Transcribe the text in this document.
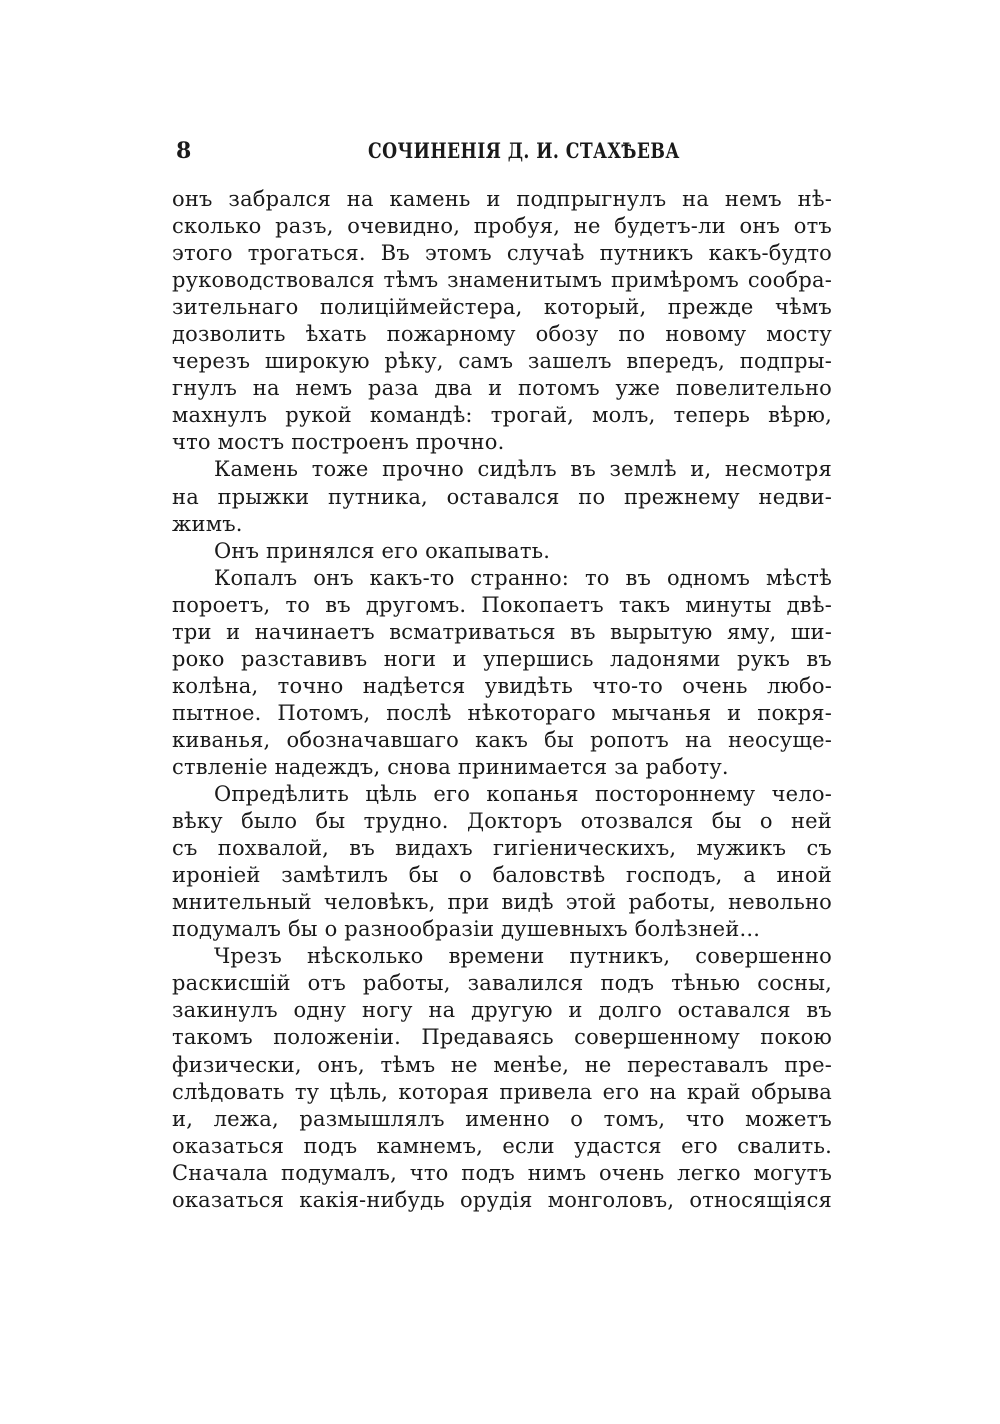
8	СОЧИНЕНІЯ Д. И. СТАХѢЕВА
онъ забрался на камень и подпрыгнулъ на немъ нѣ-
сколько разъ, очевидно, пробуя, не будетъ-ли онъ отъ
этого трогаться. Въ этомъ случаѣ путникъ какъ-будто
руководствовался тѣмъ знаменитымъ примѣромъ сообра-
зительнаго полицiймейстера, который, прежде чѣмъ
дозволить ѣхать пожарному обозу по новому мосту
черезъ широкую рѣку, самъ зашелъ впередъ, подпры-
гнулъ на немъ раза два и потомъ уже повелительно
махнулъ рукой командѣ: трогай, молъ, теперь вѣрю,
что мостъ построенъ прочно.
Камень тоже прочно сидѣлъ въ землѣ и, несмотря
на прыжки путника, оставался по прежнему недви-
жимъ.
Онъ принялся его окапывать.
Копалъ онъ какъ-то странно: то въ одномъ мѣстѣ
пороетъ, то въ другомъ. Покопаетъ такъ минуты двѣ-
три и начинаетъ всматриваться въ вырытую яму, ши-
роко разставивъ ноги и упершись ладонями рукъ въ
колѣна, точно надѣется увидѣть что-то очень любо-
пытное. Потомъ, послѣ нѣкотораго мычанья и покря-
киванья, обозначавшаго какъ бы ропотъ на неосуще-
ствленіе надеждъ, снова принимается за работу.
Опредѣлить цѣль его копанья постороннему чело-
вѣку было бы трудно. Докторъ отозвался бы о ней
съ похвалой, въ видахъ гигіеническихъ, мужикъ съ
ироніей замѣтилъ бы о баловствѣ господъ, а иной
мнительный человѣкъ, при видѣ этой работы, невольно
подумалъ бы о разнообразіи душевныхъ болѣзней...
Чрезъ нѣсколько времени путникъ, совершенно
раскисшій отъ работы, завалился подъ тѣнью сосны,
закинулъ одну ногу на другую и долго оставался въ
такомъ положеніи. Предаваясь совершенному покою
физически, онъ, тѣмъ не менѣе, не переставалъ пре-
слѣдовать ту цѣль, которая привела его на край обрыва
и, лежа, размышлялъ именно о томъ, что можетъ
оказаться подъ камнемъ, если удастся его свалить.
Сначала подумалъ, что подъ нимъ очень легко могутъ
оказаться какія-нибудь орудія монголовъ, относящіяся
